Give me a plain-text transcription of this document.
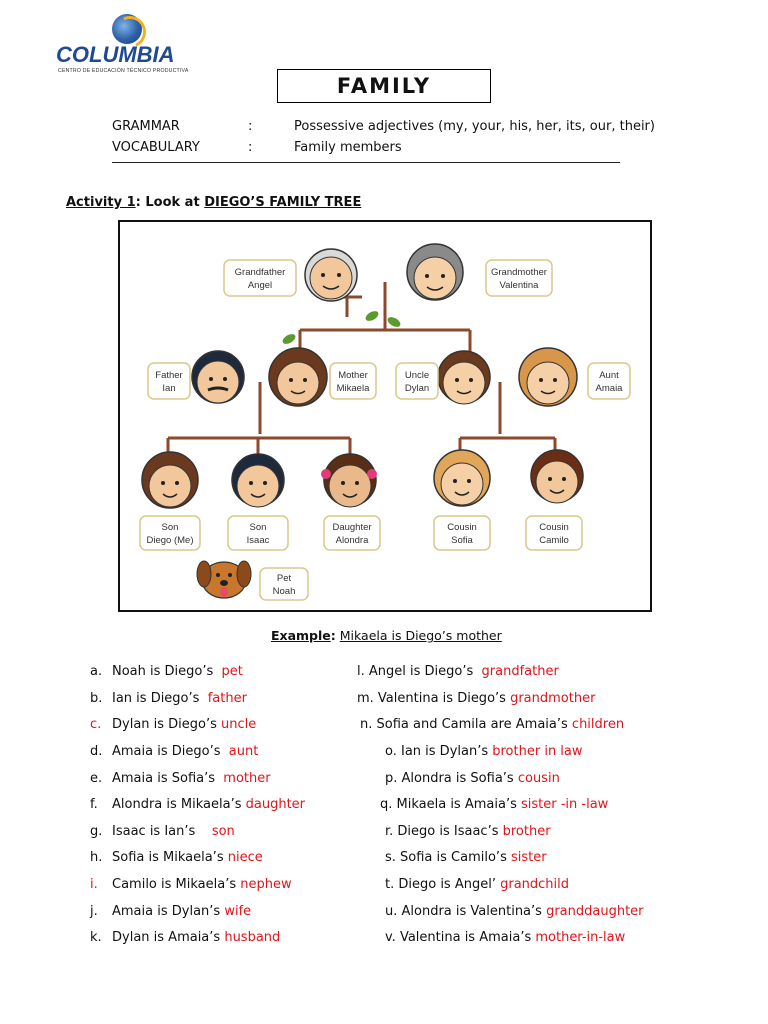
COLUMBIA
CENTRO DE EDUCACIÓN TÉCNICO PRODUCTIVA
FAMILY
GRAMMAR	:	Possessive adjectives (my, your, his, her, its, our, their)
VOCABULARY	:	Family members
Activity 1: Look at DIEGO’S FAMILY TREE
Grandfather
Angel
Grandmother
Valentina
Father
Ian
Mother
Mikaela
Uncle
Dylan
Aunt
Amaia
Son
Diego (Me)
Son
Isaac
Daughter
Alondra
Cousin
Sofia
Cousin
Camilo
Pet
Noah
Example: Mikaela is Diego’s mother
a. Noah is Diego’s pet
b. Ian is Diego’s father
c. Dylan is Diego’s uncle
d. Amaia is Diego’s aunt
e. Amaia is Sofia’s mother
f. Alondra is Mikaela’s daughter
g. Isaac is Ian’s son
h. Sofia is Mikaela’s niece
i. Camilo is Mikaela’s nephew
j. Amaia is Dylan’s wife
k. Dylan is Amaia’s husband
l. Angel is Diego’s grandfather
m. Valentina is Diego’s grandmother
n. Sofia and Camila are Amaia’s children
o. Ian is Dylan’s brother in law
p. Alondra is Sofia’s cousin
q. Mikaela is Amaia’s sister -in -law
r. Diego is Isaac’s brother
s. Sofia is Camilo’s sister
t. Diego is Angel’ grandchild
u. Alondra is Valentina’s granddaughter
v. Valentina is Amaia’s mother-in-law
